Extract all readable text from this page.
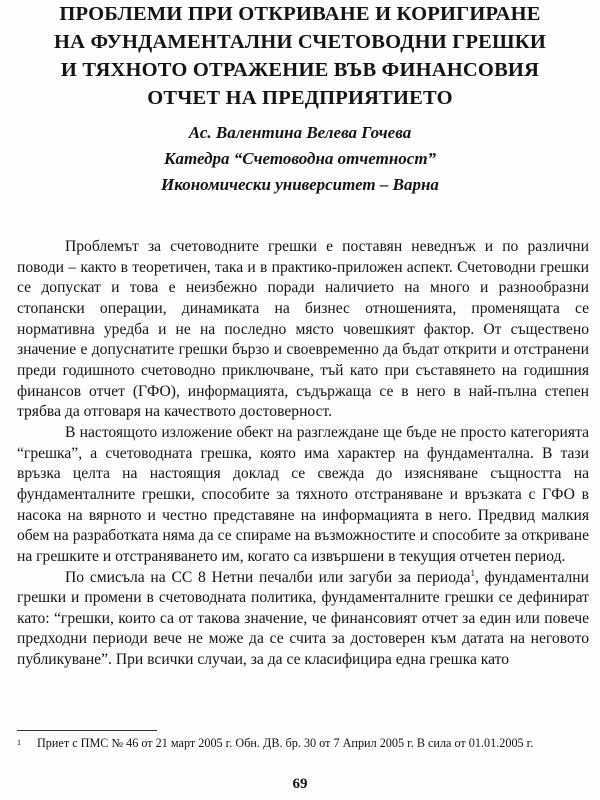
ПРОБЛЕМИ ПРИ ОТКРИВАНЕ И КОРИГИРАНЕ
НА ФУНДАМЕНТАЛНИ СЧЕТОВОДНИ ГРЕШКИ
И ТЯХНОТО ОТРАЖЕНИЕ ВЪВ ФИНАНСОВИЯ
ОТЧЕТ НА ПРЕДПРИЯТИЕТО
Ас. Валентина Велева Гочева
Катедра “Счетоводна отчетност”
Икономически университет – Варна

Проблемът за счетоводните грешки е поставян неведнъж и по различни поводи – както в теоретичен, така и в практико-приложен аспект. Счетоводни грешки се допускат и това е неизбежно поради наличието на много и разнообразни стопански операции, динамиката на бизнес отношенията, променящата се нормативна уредба и не на последно място човешкият фактор. От съществено значение е допуснатите грешки бързо и своевременно да бъдат открити и отстранени преди годишното счетоводно приключване, тъй като при съставянето на годишния финансов отчет (ГФО), информацията, съдържаща се в него в най-пълна степен трябва да отговаря на качеството достоверност.

В настоящото изложение обект на разглеждане ще бъде не просто категорията “грешка”, а счетоводната грешка, която има характер на фундаментална. В тази връзка целта на настоящия доклад се свежда до изясняване същността на фундаменталните грешки, способите за тяхното отстраняване и връзката с ГФО в насока на вярното и честно представяне на информацията в него. Предвид малкия обем на разработката няма да се спираме на възможностите и способите за откриване на грешките и отстраняването им, когато са извършени в текущия отчетен период.

По смисъла на СС 8 Нетни печалби или загуби за периода$^1$, фундаментални грешки и промени в счетоводната политика, фундаменталните грешки се дефинират като: “грешки, които са от такова значение, че финансовият отчет за един или повече предходни периоди вече не може да се счита за достоверен към датата на неговото публикуване”. При всички случаи, за да се класифицира една грешка като

1 Приет с ПМС № 46 от 21 март 2005 г. Обн. ДВ. бр. 30 от 7 Април 2005 г. В сила от 01.01.2005 г.
69
